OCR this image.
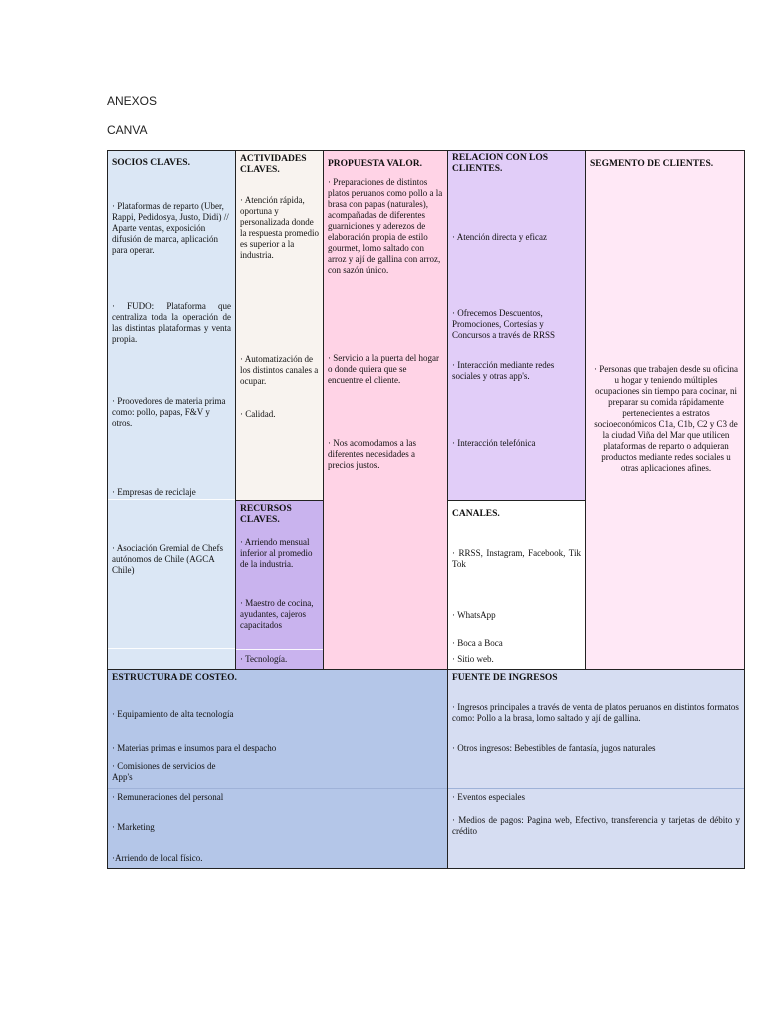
ANEXOS
CANVA
SOCIOS CLAVES.
· Plataformas de reparto (Uber, Rappi, Pedidosya, Justo, Didi) // Aparte ventas, exposición difusión de marca, aplicación para operar.
· FUDO: Plataforma que centraliza toda la operación de las distintas plataformas y venta propia.
· Proovedores de materia prima como: pollo, papas, F&V y otros.
· Empresas de reciclaje
· Asociación Gremial de Chefs autónomos de Chile (AGCA Chile)
ACTIVIDADES CLAVES.
· Atención rápida, oportuna y personalizada donde la respuesta promedio es superior a la industria.
· Automatización de los distintos canales a ocupar.
· Calidad.
RECURSOS CLAVES.
· Arriendo mensual inferior al promedio de la industria.
· Maestro de cocina, ayudantes, cajeros capacitados
· Tecnología.
PROPUESTA VALOR.
· Preparaciones de distintos platos peruanos como pollo a la brasa con papas (naturales), acompañadas de diferentes guarniciones y aderezos de elaboración propia de estilo gourmet, lomo saltado con arroz y ají de gallina con arroz, con sazón único.
· Servicio a la puerta del hogar o donde quiera que se encuentre el cliente.
· Nos acomodamos a las diferentes necesidades a precios justos.
RELACION CON LOS CLIENTES.
· Atención directa y eficaz
· Ofrecemos Descuentos, Promociones, Cortesías y Concursos a través de RRSS
· Interacción mediante redes sociales y otras app's.
· Interacción telefónica
CANALES.
· RRSS, Instagram, Facebook, Tik Tok
· WhatsApp
· Boca a Boca
· Sitio web.
SEGMENTO DE CLIENTES.
· Personas que trabajen desde su oficina u hogar y teniendo múltiples ocupaciones sin tiempo para cocinar, ni preparar su comida rápidamente pertenecientes a estratos socioeconómicos C1a, C1b, C2 y C3 de la ciudad Viña del Mar que utilicen plataformas de reparto o adquieran productos mediante redes sociales u otras aplicaciones afines.
ESTRUCTURA DE COSTEO.
· Equipamiento de alta tecnología
· Materias primas e insumos para el despacho
· Comisiones de servicios de App's
· Remuneraciones del personal
· Marketing
·Arriendo de local físico.
FUENTE DE INGRESOS
· Ingresos principales a través de venta de platos peruanos en distintos formatos como: Pollo a la brasa, lomo saltado y ají de gallina.
· Otros ingresos: Bebestibles de fantasía, jugos naturales
· Eventos especiales
· Medios de pagos: Pagina web, Efectivo, transferencia y tarjetas de débito y crédito
